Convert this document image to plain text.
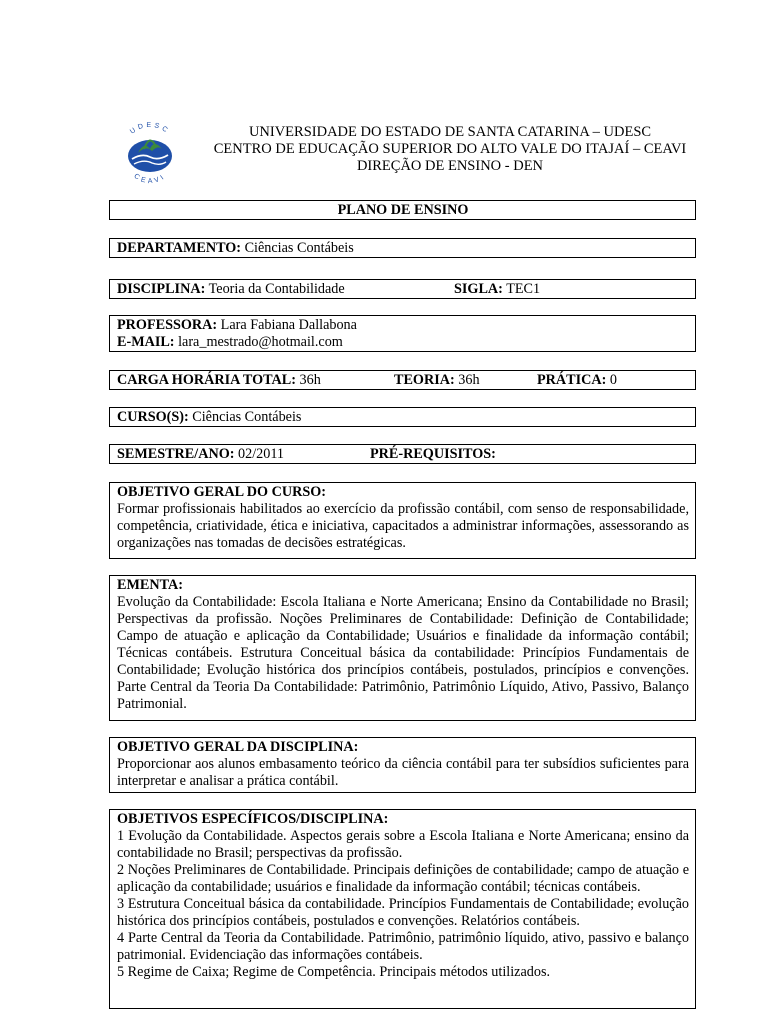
UDESC
CEAVI
UNIVERSIDADE DO ESTADO DE SANTA CATARINA – UDESC
CENTRO DE EDUCAÇÃO SUPERIOR DO ALTO VALE DO ITAJAÍ – CEAVI
DIREÇÃO DE ENSINO - DEN
PLANO DE ENSINO
DEPARTAMENTO: Ciências Contábeis
DISCIPLINA: Teoria da Contabilidade	SIGLA: TEC1
PROFESSORA: Lara Fabiana Dallabona
E-MAIL: lara_mestrado@hotmail.com
CARGA HORÁRIA TOTAL: 36h	TEORIA: 36h	PRÁTICA: 0
CURSO(S): Ciências Contábeis
SEMESTRE/ANO: 02/2011	PRÉ-REQUISITOS:
OBJETIVO GERAL DO CURSO:

Formar profissionais habilitados ao exercício da profissão contábil, com senso de responsabilidade, competência, criatividade, ética e iniciativa, capacitados a administrar informações, assessorando as organizações nas tomadas de decisões estratégicas.

EMENTA:

Evolução da Contabilidade: Escola Italiana e Norte Americana; Ensino da Contabilidade no Brasil; Perspectivas da profissão. Noções Preliminares de Contabilidade: Definição de Contabilidade; Campo de atuação e aplicação da Contabilidade; Usuários e finalidade da informação contábil; Técnicas contábeis. Estrutura Conceitual básica da contabilidade: Princípios Fundamentais de Contabilidade; Evolução histórica dos princípios contábeis, postulados, princípios e convenções. Parte Central da Teoria Da Contabilidade: Patrimônio, Patrimônio Líquido, Ativo, Passivo, Balanço Patrimonial.

OBJETIVO GERAL DA DISCIPLINA:

Proporcionar aos alunos embasamento teórico da ciência contábil para ter subsídios suficientes para interpretar e analisar a prática contábil.

OBJETIVOS ESPECÍFICOS/DISCIPLINA:

1 Evolução da Contabilidade. Aspectos gerais sobre a Escola Italiana e Norte Americana; ensino da contabilidade no Brasil; perspectivas da profissão.

2 Noções Preliminares de Contabilidade. Principais definições de contabilidade; campo de atuação e aplicação da contabilidade; usuários e finalidade da informação contábil; técnicas contábeis.

3 Estrutura Conceitual básica da contabilidade. Princípios Fundamentais de Contabilidade; evolução histórica dos princípios contábeis, postulados e convenções. Relatórios contábeis.

4 Parte Central da Teoria da Contabilidade. Patrimônio, patrimônio líquido, ativo, passivo e balanço patrimonial. Evidenciação das informações contábeis.

5 Regime de Caixa; Regime de Competência. Principais métodos utilizados.
